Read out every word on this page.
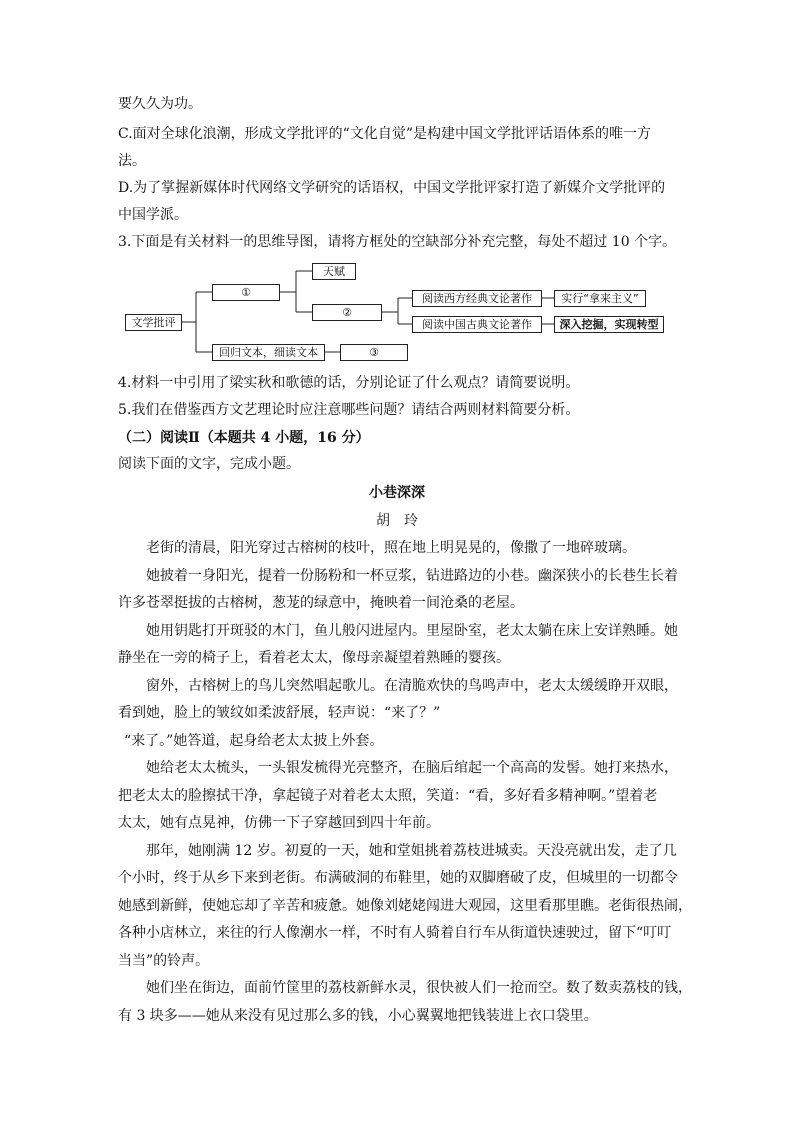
要久久为功。
C.面对全球化浪潮，形成文学批评的“文化自觉”是构建中国文学批评话语体系的唯一方
法。
D.为了掌握新媒体时代网络文学研究的话语权，中国文学批评家打造了新媒介文学批评的
中国学派。
3.下面是有关材料一的思维导图，请将方框处的空缺部分补充完整，每处不超过 10 个字。
文学批评
①
天赋
②
阅读西方经典文论著作	实行“拿来主义”
阅读中国古典文论著作	深入挖掘，实现转型
回归文本，细读文本	③
4.材料一中引用了梁实秋和歌德的话，分别论证了什么观点？请简要说明。
5.我们在借鉴西方文艺理论时应注意哪些问题？请结合两则材料简要分析。
（二）阅读Ⅱ（本题共 4 小题，16 分）
阅读下面的文字，完成小题。
小巷深深
胡　玲
老街的清晨，阳光穿过古榕树的枝叶，照在地上明晃晃的，像撒了一地碎玻璃。
她披着一身阳光，提着一份肠粉和一杯豆浆，钻进路边的小巷。幽深狭小的长巷生长着
许多苍翠挺拔的古榕树，葱茏的绿意中，掩映着一间沧桑的老屋。
她用钥匙打开斑驳的木门，鱼儿般闪进屋内。里屋卧室，老太太躺在床上安详熟睡。她
静坐在一旁的椅子上，看着老太太，像母亲凝望着熟睡的婴孩。
窗外，古榕树上的鸟儿突然唱起歌儿。在清脆欢快的鸟鸣声中，老太太缓缓睁开双眼，
看到她，脸上的皱纹如柔波舒展，轻声说：“来了？”
“来了。”她答道，起身给老太太披上外套。
她给老太太梳头，一头银发梳得光亮整齐，在脑后绾起一个高高的发髻。她打来热水，
把老太太的脸擦拭干净，拿起镜子对着老太太照，笑道：“看，多好看多精神啊。”望着老
太太，她有点晃神，仿佛一下子穿越回到四十年前。
那年，她刚满 12 岁。初夏的一天，她和堂姐挑着荔枝进城卖。天没亮就出发，走了几
个小时，终于从乡下来到老街。布满破洞的布鞋里，她的双脚磨破了皮，但城里的一切都令
她感到新鲜，使她忘却了辛苦和疲惫。她像刘姥姥闯进大观园，这里看那里瞧。老街很热闹，
各种小店林立，来往的行人像潮水一样，不时有人骑着自行车从街道快速驶过，留下“叮叮
当当”的铃声。
她们坐在街边，面前竹筐里的荔枝新鲜水灵，很快被人们一抢而空。数了数卖荔枝的钱，
有 3 块多——她从来没有见过那么多的钱，小心翼翼地把钱装进上衣口袋里。
